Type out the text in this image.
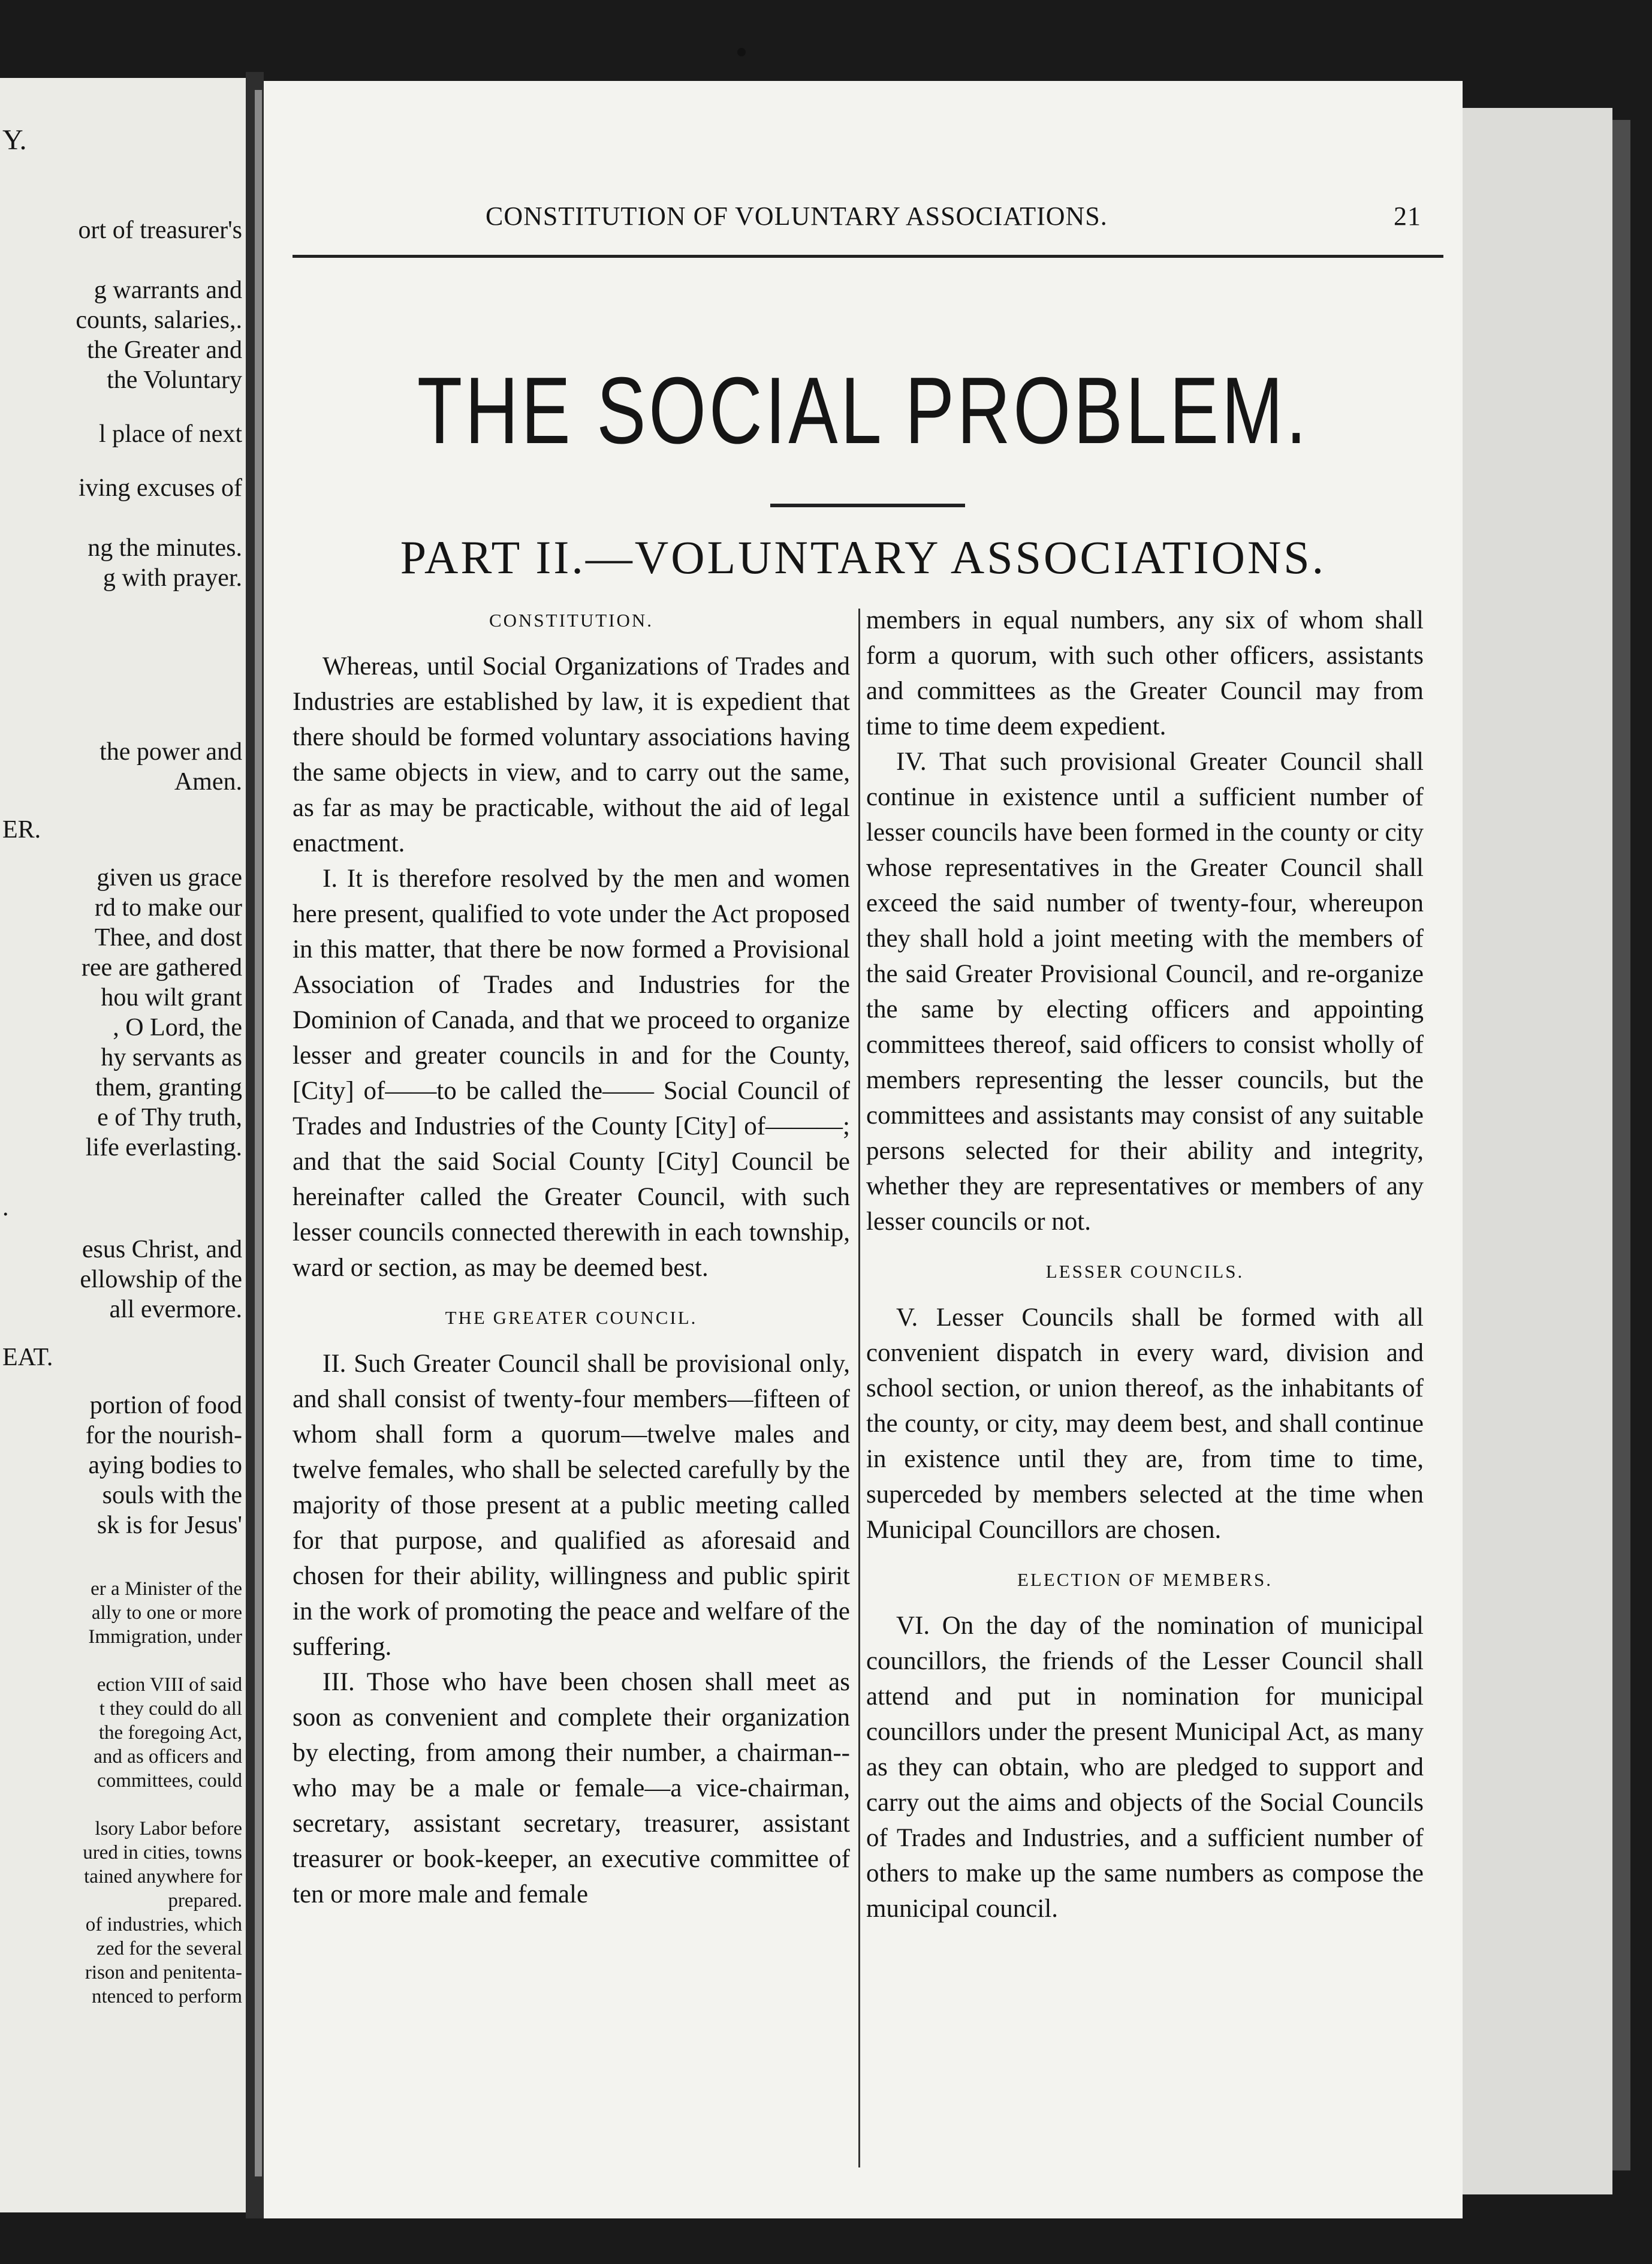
Y.
ort of treasurer's
g warrants and
counts, salaries,.
the Greater and
the Voluntary
l place of next
iving excuses of
ng the minutes.
g with prayer.
the power and
Amen.
ER.
given us grace
rd to make our
Thee, and dost
ree are gathered
hou wilt grant
, O Lord, the
hy servants as
them, granting
e of Thy truth,
life everlasting.
.
esus Christ, and
ellowship of the
all evermore.
EAT.
portion of food
for the nourish-
aying bodies to
souls with the
sk is for Jesus'
er a Minister of the
ally to one or more
Immigration, under
ection VIII of said
t they could do all
the foregoing Act,
and as officers and
committees, could
lsory Labor before
ured in cities, towns
tained anywhere for
prepared.
of industries, which
zed for the several
rison and penitenta-
ntenced to perform
CONSTITUTION OF VOLUNTARY ASSOCIATIONS.	21
THE SOCIAL PROBLEM.
PART II.—VOLUNTARY ASSOCIATIONS.
CONSTITUTION.

Whereas, until Social Organizations of Trades and Industries are established by law, it is expedient that there should be formed voluntary associations having the same objects in view, and to carry out the same, as far as may be practicable, without the aid of legal enactment.

I. It is therefore resolved by the men and women here present, qualified to vote under the Act proposed in this matter, that there be now formed a Provisional Association of Trades and Industries for the Dominion of Canada, and that we proceed to organize lesser and greater councils in and for the County, [City] of——to be called the—— Social Council of Trades and Industries of the County [City] of———; and that the said Social County [City] Council be hereinafter called the Greater Council, with such lesser councils connected therewith in each township, ward or section, as may be deemed best.

THE GREATER COUNCIL.

II. Such Greater Council shall be provisional only, and shall consist of twenty-four members—fifteen of whom shall form a quorum—twelve males and twelve females, who shall be selected carefully by the majority of those present at a public meeting called for that purpose, and qualified as aforesaid and chosen for their ability, willingness and public spirit in the work of promoting the peace and welfare of the suffering.

III. Those who have been chosen shall meet as soon as convenient and complete their organization by electing, from among their number, a chairman--who may be a male or female—a vice-chairman, secretary, assistant secretary, treasurer, assistant treasurer or book-keeper, an executive committee of ten or more male and female

members in equal numbers, any six of whom shall form a quorum, with such other officers, assistants and committees as the Greater Council may from time to time deem expedient.

IV. That such provisional Greater Council shall continue in existence until a sufficient number of lesser councils have been formed in the county or city whose representatives in the Greater Council shall exceed the said number of twenty-four, whereupon they shall hold a joint meeting with the members of the said Greater Provisional Council, and re-organize the same by electing officers and appointing committees thereof, said officers to consist wholly of members representing the lesser councils, but the committees and assistants may consist of any suitable persons selected for their ability and integrity, whether they are representatives or members of any lesser councils or not.

LESSER COUNCILS.

V. Lesser Councils shall be formed with all convenient dispatch in every ward, division and school section, or union thereof, as the inhabitants of the county, or city, may deem best, and shall continue in existence until they are, from time to time, superceded by members selected at the time when Municipal Councillors are chosen.

ELECTION OF MEMBERS.

VI. On the day of the nomination of municipal councillors, the friends of the Lesser Council shall attend and put in nomination for municipal councillors under the present Municipal Act, as many as they can obtain, who are pledged to support and carry out the aims and objects of the Social Councils of Trades and Industries, and a sufficient number of others to make up the same numbers as compose the municipal council.
